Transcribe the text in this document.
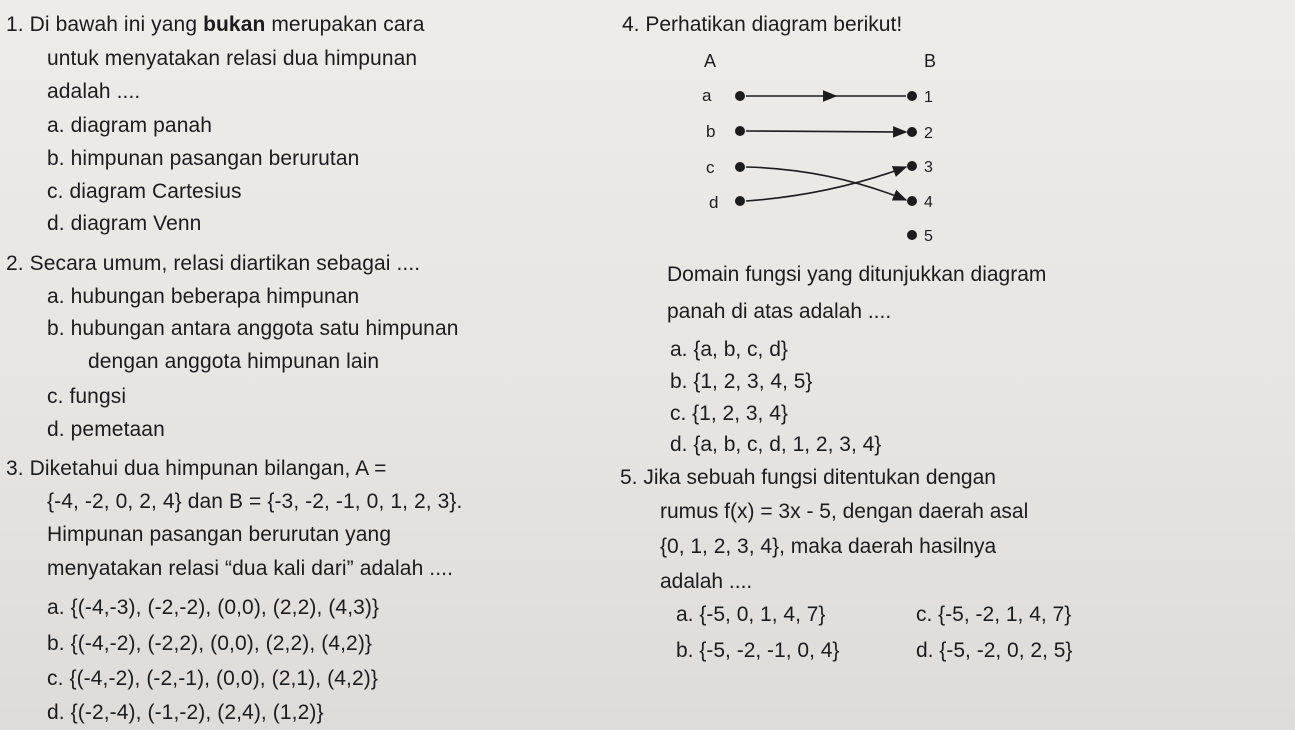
1. Di bawah ini yang bukan merupakan cara
untuk menyatakan relasi dua himpunan
adalah ....
a. diagram panah
b. himpunan pasangan berurutan
c. diagram Cartesius
d. diagram Venn
2. Secara umum, relasi diartikan sebagai ....
a. hubungan beberapa himpunan
b. hubungan antara anggota satu himpunan
dengan anggota himpunan lain
c. fungsi
d. pemetaan
3. Diketahui dua himpunan bilangan, A =
{-4, -2, 0, 2, 4} dan B = {-3, -2, -1, 0, 1, 2, 3}.
Himpunan pasangan berurutan yang
menyatakan relasi “dua kali dari” adalah ....
a. {(-4,-3), (-2,-2), (0,0), (2,2), (4,3)}
b. {(-4,-2), (-2,2), (0,0), (2,2), (4,2)}
c. {(-4,-2), (-2,-1), (0,0), (2,1), (4,2)}
d. {(-2,-4), (-1,-2), (2,4), (1,2)}
4. Perhatikan diagram berikut!
A	B
a
b
c
d
1
2
3
4
5
Domain fungsi yang ditunjukkan diagram
panah di atas adalah ....
a. {a, b, c, d}
b. {1, 2, 3, 4, 5}
c. {1, 2, 3, 4}
d. {a, b, c, d, 1, 2, 3, 4}
5. Jika sebuah fungsi ditentukan dengan
rumus f(x) = 3x - 5, dengan daerah asal
{0, 1, 2, 3, 4}, maka daerah hasilnya
adalah ....
a. {-5, 0, 1, 4, 7}	c. {-5, -2, 1, 4, 7}
b. {-5, -2, -1, 0, 4}	d. {-5, -2, 0, 2, 5}
